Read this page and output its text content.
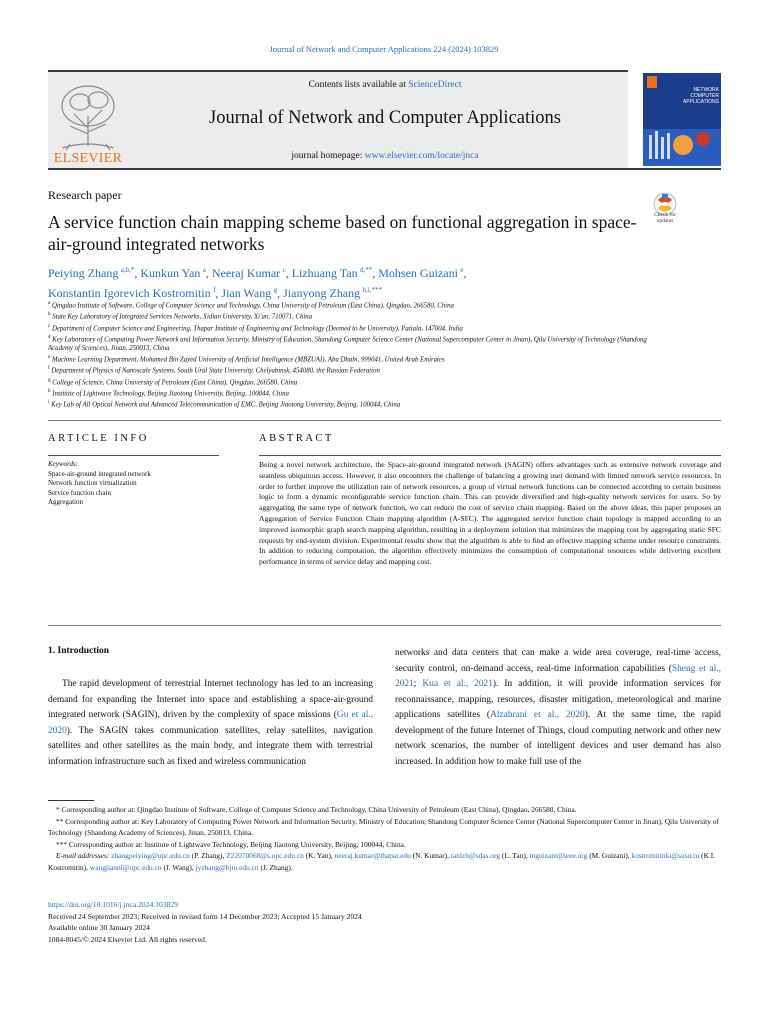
Journal of Network and Computer Applications 224 (2024) 103829
ELSEVIER
Contents lists available at ScienceDirect
Journal of Network and Computer Applications
journal homepage: www.elsevier.com/locate/jnca
NETWORK
COMPUTER
APPLICATIONS
Research paper
Check for
updates
A service function chain mapping scheme based on functional aggregation in space-air-ground integrated networks
Peiying Zhang  $^{a,b,*}$, Kunkun Yan  $^a$, Neeraj Kumar  $^c$, Lizhuang Tan  $^{d,**}$, Mohsen Guizani  $^e$,
Konstantin Igorevich Kostromitin  $^f$, Jian Wang  $^g$, Jianyong Zhang  $^{h,i,***}$
$^a$ Qingdao Institute of Software, College of Computer Science and Technology, China University of Petroleum (East China), Qingdao, 266580, China
$^b$ State Key Laboratory of Integrated Services Networks, Xidian University, Xi'an, 710071, China
$^c$ Department of Computer Science and Engineering, Thapar Institute of Engineering and Technology (Deemed to be University), Patiala, 147004, India
$^d$ Key Laboratory of Computing Power Network and Information Security, Ministry of Education, Shandong Computer Science Center (National Supercomputer Center in Jinan), Qilu University of Technology (Shandong Academy of Sciences), Jinan, 250013, China
$^e$ Machine Learning Department, Mohamed Bin Zayed University of Artificial Intelligence (MBZUAI), Abu Dhabi, 999041, United Arab Emirates
$^f$ Department of Physics of Nanoscale Systems, South Ural State University, Chelyabinsk, 454080, the Russian Federation
$^g$ College of Science, China University of Petroleum (East China), Qingdao, 266580, China
$^h$ Institute of Lightwave Technology, Beijing Jiaotong University, Beijing, 100044, China
$^i$ Key Lab of All Optical Network and Advanced Telecommunication of EMC, Beijing Jiaotong University, Beijing, 100044, China
ARTICLE INFO	ABSTRACT
Keywords:
Space-air-ground integrated network
Network function virtualization
Service function chain
Aggregation
Being a novel network architecture, the Space-air-ground integrated network (SAGIN) offers advantages such as extensive network coverage and seamless ubiquitous access. However, it also encounters the challenge of balancing a growing user demand with limited network service resources. In order to further improve the utilization rate of network resources, a group of virtual network functions can be connected according to certain business logic to form a dynamic reconfigurable service function chain. This can provide diversified and high-quality network services for users. So by aggregating the same type of network function, we can reduce the cost of service chain mapping. Based on the above ideas, this paper proposes an Aggregation of Service Function Chain mapping algorithm (A-SFC). The aggregated service function chain topology is mapped according to an improved isomorphic graph search mapping algorithm, resulting in a deployment solution that minimizes the mapping cost by aggregating static SFC requests by end-system division. Experimental results show that the algorithm is able to find an effective mapping scheme under resource constraints. In addition to reducing computation, the algorithm effectively minimizes the consumption of computational resources while delivering excellent performance in terms of service delay and mapping cost.
1. Introduction
The rapid development of terrestrial Internet technology has led to an increasing demand for expanding the Internet into space and establishing a space-air-ground integrated network (SAGIN), driven by the complexity of space missions (Gu et al., 2020). The SAGIN takes communication satellites, relay satellites, navigation satellites and other satellites as the main body, and integrate them with terrestrial information infrastructure such as fixed and wireless communication
networks and data centers that can make a wide area coverage, real-time access, security control, on-demand access, real-time information capabilities (Sheng et al., 2021; Kua et al., 2021). In addition, it will provide information services for reconnaissance, mapping, resources, disaster mitigation, meteorological and marine applications satellites (Alzahrani et al., 2020). At the same time, the rapid development of the future Internet of Things, cloud computing network and other new network scenarios, the number of intelligent devices and user demand has also increased. In addition how to make full use of the
* Corresponding author at: Qingdao Institute of Software, College of Computer Science and Technology, China University of Petroleum (East China), Qingdao, 266580, China.
** Corresponding author at: Key Laboratory of Computing Power Network and Information Security, Ministry of Education, Shandong Computer Science Center (National Supercomputer Center in Jinan), Qilu University of Technology (Shandong Academy of Sciences), Jinan, 250013, China.
*** Corresponding author at: Institute of Lightwave Technology, Beijing Jiaotong University, Beijing, 100044, China.
E-mail addresses: zhangpeiying@upc.edu.cn (P. Zhang), Z22070068@s.upc.edu.cn (K. Yan), neeraj.kumar@thapar.edu (N. Kumar), tanlzh@sdas.org (L. Tan), mguizani@ieee.org (M. Guizani), kostromitinki@susu.ru (K.I. Kostromitin), wangjiannl@upc.edu.cn (J. Wang), jyzhang@bjtu.edu.cn (J. Zhang).
https://doi.org/10.1016/j.jnca.2024.103829
Received 24 September 2023; Received in revised form 14 December 2023; Accepted 15 January 2024
Available online 30 January 2024
1084-8045/© 2024 Elsevier Ltd. All rights reserved.
